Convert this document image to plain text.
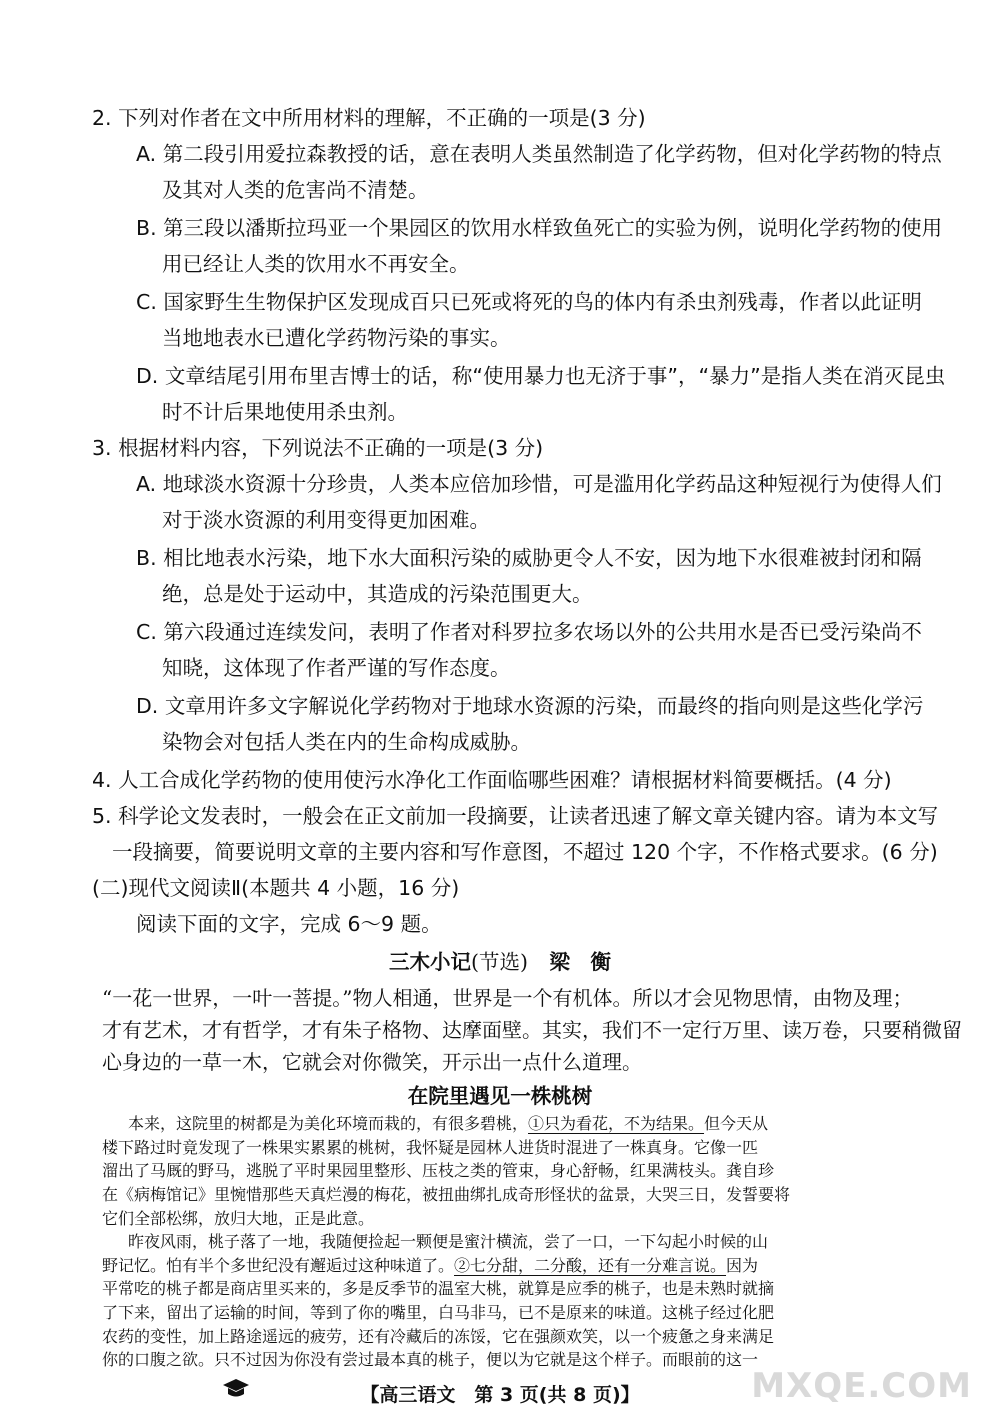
2. 下列对作者在文中所用材料的理解，不正确的一项是(3 分)
A. 第二段引用爱拉森教授的话，意在表明人类虽然制造了化学药物，但对化学药物的特点
及其对人类的危害尚不清楚。
B. 第三段以潘斯拉玛亚一个果园区的饮用水样致鱼死亡的实验为例，说明化学药物的使用
用已经让人类的饮用水不再安全。
C. 国家野生生物保护区发现成百只已死或将死的鸟的体内有杀虫剂残毒，作者以此证明
当地地表水已遭化学药物污染的事实。
D. 文章结尾引用布里吉博士的话，称“使用暴力也无济于事”，“暴力”是指人类在消灭昆虫
时不计后果地使用杀虫剂。
3. 根据材料内容，下列说法不正确的一项是(3 分)
A. 地球淡水资源十分珍贵，人类本应倍加珍惜，可是滥用化学药品这种短视行为使得人们
对于淡水资源的利用变得更加困难。
B. 相比地表水污染，地下水大面积污染的威胁更令人不安，因为地下水很难被封闭和隔
绝，总是处于运动中，其造成的污染范围更大。
C. 第六段通过连续发问，表明了作者对科罗拉多农场以外的公共用水是否已受污染尚不
知晓，这体现了作者严谨的写作态度。
D. 文章用许多文字解说化学药物对于地球水资源的污染，而最终的指向则是这些化学污
染物会对包括人类在内的生命构成威胁。
4. 人工合成化学药物的使用使污水净化工作面临哪些困难？请根据材料简要概括。(4 分)
5. 科学论文发表时，一般会在正文前加一段摘要，让读者迅速了解文章关键内容。请为本文写
一段摘要，简要说明文章的主要内容和写作意图，不超过 120 个字，不作格式要求。(6 分)
(二)现代文阅读Ⅱ(本题共 4 小题，16 分)
阅读下面的文字，完成 6～9 题。
三木小记(节选) 梁　衡
“一花一世界，一叶一菩提。”物人相通，世界是一个有机体。所以才会见物思情，由物及理；
才有艺术，才有哲学，才有朱子格物、达摩面壁。其实，我们不一定行万里、读万卷，只要稍微留
心身边的一草一木，它就会对你微笑，开示出一点什么道理。
在院里遇见一株桃树
本来，这院里的树都是为美化环境而栽的，有很多碧桃，①只为看花，不为结果。但今天从
楼下路过时竟发现了一株果实累累的桃树，我怀疑是园林人进货时混进了一株真身。它像一匹
溜出了马厩的野马，逃脱了平时果园里整形、压枝之类的管束，身心舒畅，红果满枝头。龚自珍
在《病梅馆记》里惋惜那些天真烂漫的梅花，被扭曲绑扎成奇形怪状的盆景，大哭三日，发誓要将
它们全部松绑，放归大地，正是此意。
昨夜风雨，桃子落了一地，我随便捡起一颗便是蜜汁横流，尝了一口，一下勾起小时候的山
【高三语文　第 3 页(共 8 页)】	MXQE.COM
野记忆。怕有半个多世纪没有邂逅过这种味道了。②七分甜，二分酸，还有一分难言说。因为
平常吃的桃子都是商店里买来的，多是反季节的温室大桃，就算是应季的桃子，也是未熟时就摘
了下来，留出了运输的时间，等到了你的嘴里，白马非马，已不是原来的味道。这桃子经过化肥
农药的变性，加上路途遥远的疲劳，还有冷藏后的冻馁，它在强颜欢笑，以一个疲惫之身来满足
你的口腹之欲。只不过因为你没有尝过最本真的桃子，便以为它就是这个样子。而眼前的这一
